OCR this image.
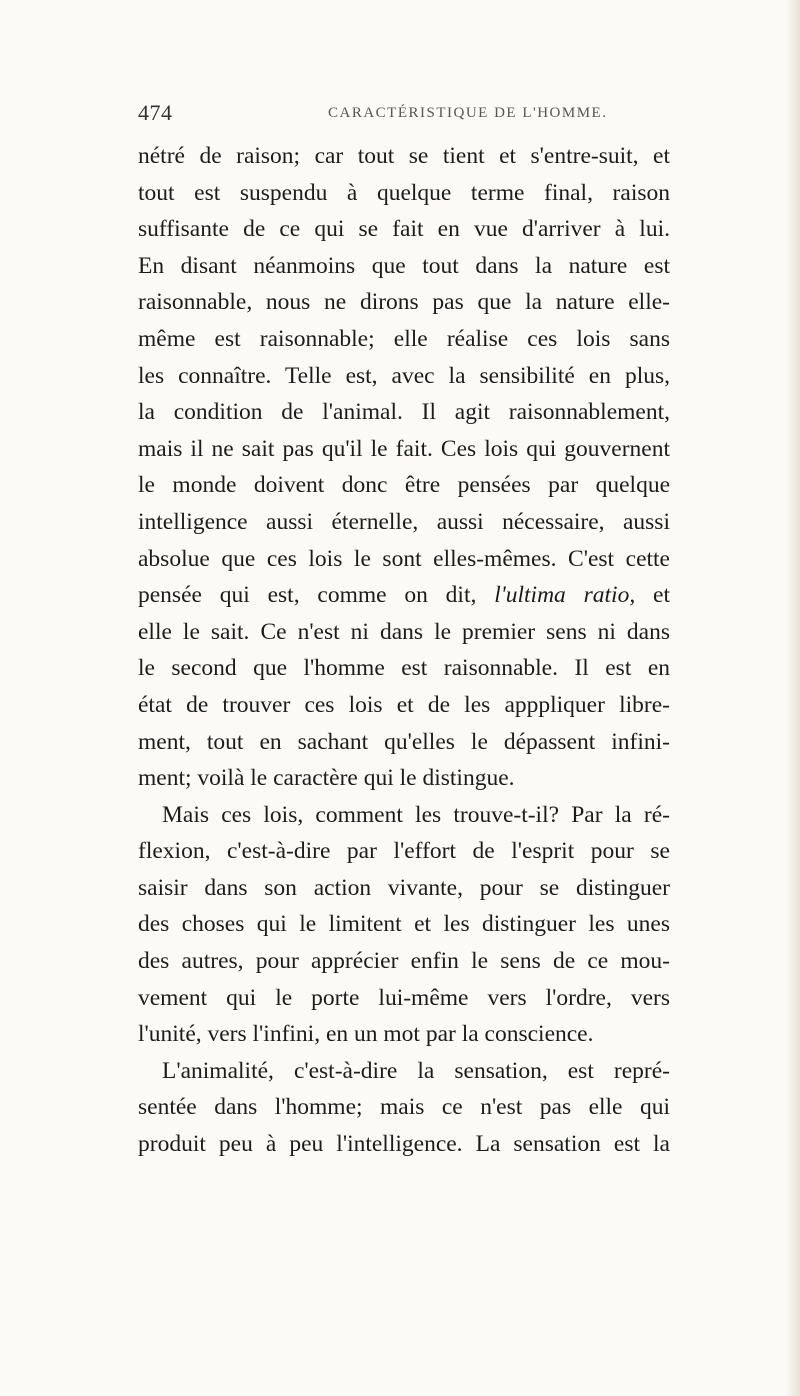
474	CARACTÉRISTIQUE DE L'HOMME.
nétré de raison; car tout se tient et s'entre-suit, et
tout est suspendu à quelque terme final, raison
suffisante de ce qui se fait en vue d'arriver à lui.
En disant néanmoins que tout dans la nature est
raisonnable, nous ne dirons pas que la nature elle-
même est raisonnable; elle réalise ces lois sans
les connaître. Telle est, avec la sensibilité en plus,
la condition de l'animal. Il agit raisonnablement,
mais il ne sait pas qu'il le fait. Ces lois qui gouvernent
le monde doivent donc être pensées par quelque
intelligence aussi éternelle, aussi nécessaire, aussi
absolue que ces lois le sont elles-mêmes. C'est cette
pensée qui est, comme on dit, l'ultima ratio, et
elle le sait. Ce n'est ni dans le premier sens ni dans
le second que l'homme est raisonnable. Il est en
état de trouver ces lois et de les apppliquer libre-
ment, tout en sachant qu'elles le dépassent infini-
ment; voilà le caractère qui le distingue.
Mais ces lois, comment les trouve-t-il? Par la ré-
flexion, c'est-à-dire par l'effort de l'esprit pour se
saisir dans son action vivante, pour se distinguer
des choses qui le limitent et les distinguer les unes
des autres, pour apprécier enfin le sens de ce mou-
vement qui le porte lui-même vers l'ordre, vers
l'unité, vers l'infini, en un mot par la conscience.
L'animalité, c'est-à-dire la sensation, est repré-
sentée dans l'homme; mais ce n'est pas elle qui
produit peu à peu l'intelligence. La sensation est la
